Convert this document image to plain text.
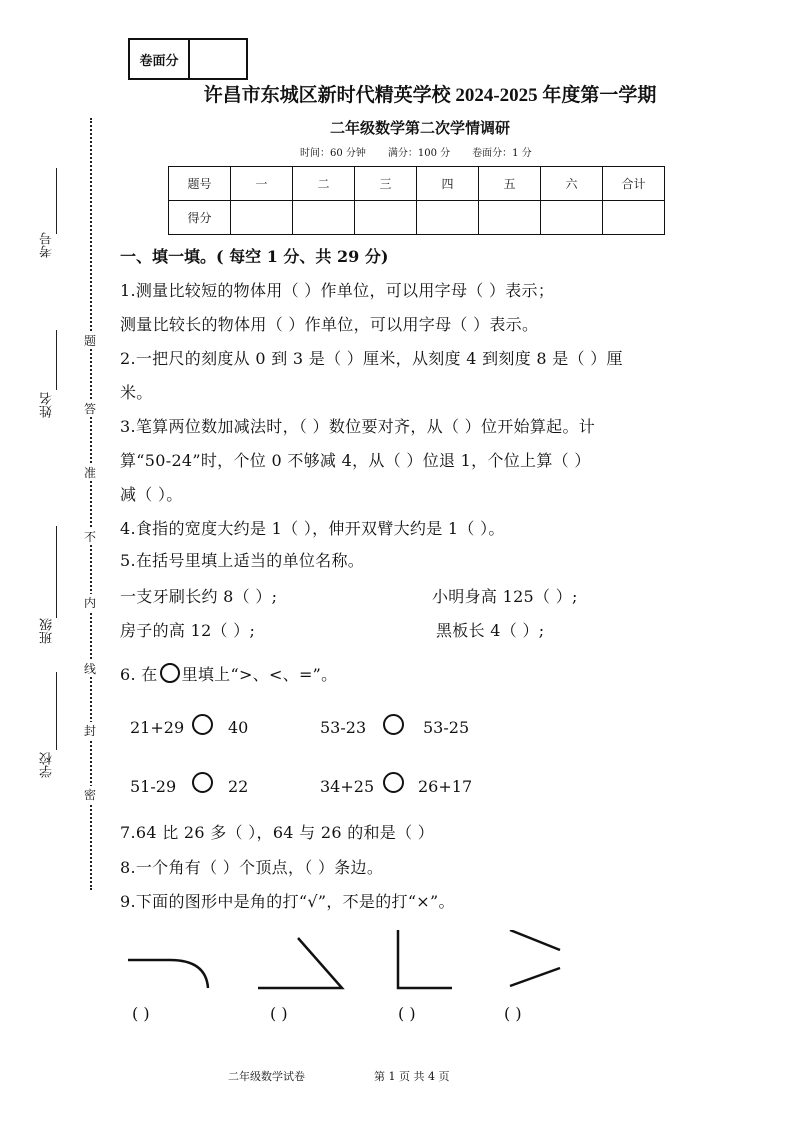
卷面分
许昌市东城区新时代精英学校 2024-2025 年度第一学期
二年级数学第二次学情调研
时间：60 分钟 满分：100 分 卷面分：1 分
题号	一	二	三	四	五	六	合计
得分							
考号
姓名
班级
学校
题
答
准
不
内
线
封
密
一、填一填。( 每空 1 分、共 29 分)
1.测量比较短的物体用（ ）作单位，可以用字母（ ）表示；
测量比较长的物体用（ ）作单位，可以用字母（ ）表示。
2.一把尺的刻度从 0 到 3 是（ ）厘米，从刻度 4 到刻度 8 是（ ）厘
米。
3.笔算两位数加减法时，（ ）数位要对齐，从（ ）位开始算起。计
算“50-24”时，个位 0 不够减 4，从（ ）位退 1，个位上算（ ）
减（ ）。
4.食指的宽度大约是 1（ ），伸开双臂大约是 1（ ）。
5.在括号里填上适当的单位名称。
一支牙刷长约 8（ ）;	小明身高 125（ ）;
房子的高 12（ ）;	黑板长 4（ ）;
6. 在 里填上“>、<、=”。
21+29	40	53-23	53-25
51-29	22	34+25	26+17
7.64 比 26 多（ ），64 与 26 的和是（ ）
8.一个角有（ ）个顶点，（ ）条边。
9.下面的图形中是角的打“√”，不是的打“×”。
( )	( )	( )	( )
二年级数学试卷	第 1 页 共 4 页
